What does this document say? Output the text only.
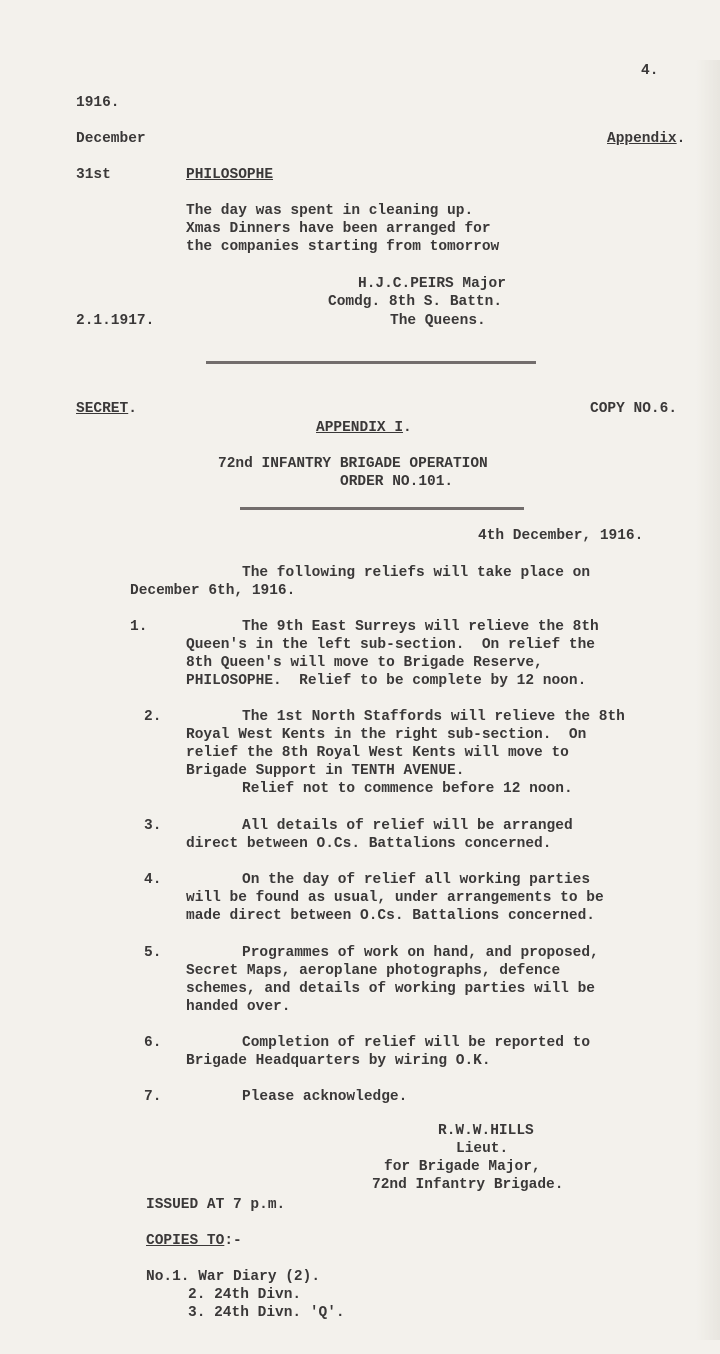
4.
1916.
December	Appendix.
31st	PHILOSOPHE
The day was spent in cleaning up.
Xmas Dinners have been arranged for
the companies starting from tomorrow
H.J.C.PEIRS Major
Comdg. 8th S. Battn.
The Queens.
2.1.1917.
SECRET.	COPY NO.6.
APPENDIX I.
72nd INFANTRY BRIGADE OPERATION
ORDER NO.101.
4th December, 1916.
The following reliefs will take place on
December 6th, 1916.
1.	The 9th East Surreys will relieve the 8th
Queen's in the left sub-section.  On relief the
8th Queen's will move to Brigade Reserve,
PHILOSOPHE.  Relief to be complete by 12 noon.
2.	The 1st North Staffords will relieve the 8th
Royal West Kents in the right sub-section.  On
relief the 8th Royal West Kents will move to
Brigade Support in TENTH AVENUE.
Relief not to commence before 12 noon.
3.	All details of relief will be arranged
direct between O.Cs. Battalions concerned.
4.	On the day of relief all working parties
will be found as usual, under arrangements to be
made direct between O.Cs. Battalions concerned.
5.	Programmes of work on hand, and proposed,
Secret Maps, aeroplane photographs, defence
schemes, and details of working parties will be
handed over.
6.	Completion of relief will be reported to
Brigade Headquarters by wiring O.K.
7.	Please acknowledge.
R.W.W.HILLS
Lieut.
for Brigade Major,
72nd Infantry Brigade.
ISSUED AT 7 p.m.
COPIES TO:-
No.1. War Diary (2).
2. 24th Divn.
3. 24th Divn. 'Q'.
